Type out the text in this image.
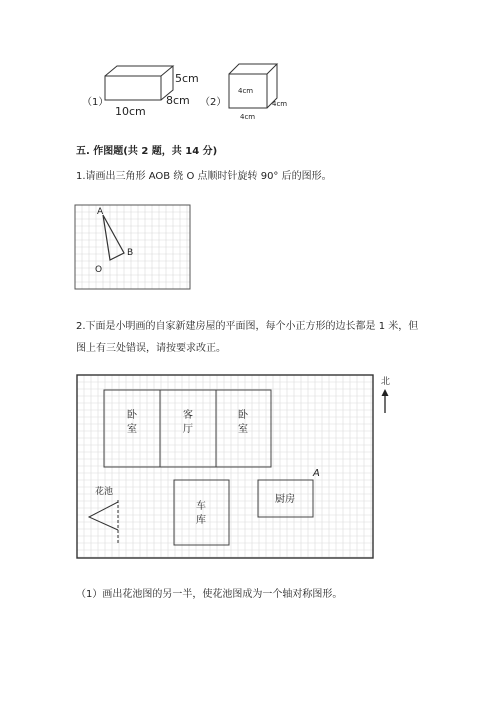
（1）
5cm
8cm
10cm
（2）
4cm
4cm
4cm
五. 作图题(共 2 题，共 14 分)
1.请画出三角形 AOB 绕 O 点顺时针旋转 90° 后的图形。
A
B
O
2.下面是小明画的自家新建房屋的平面图，每个小正方形的边长都是 1 米，但
图上有三处错误，请按要求改正。
卧
室
客
厅
卧
室
车
库
厨房
A
花池
北
（1）画出花池图的另一半，使花池图成为一个轴对称图形。
